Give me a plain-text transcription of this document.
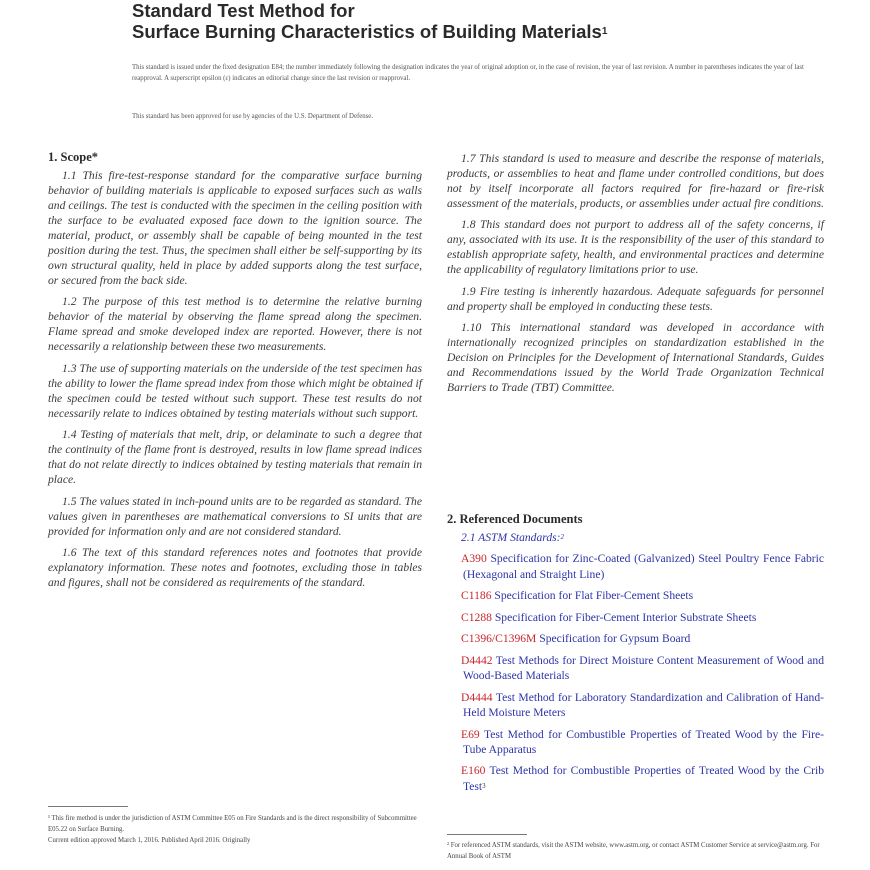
Standard Test Method for

Surface Burning Characteristics of Building Materials$^1$

This standard is issued under the fixed designation E84; the number immediately following the designation indicates the year of original adoption or, in the case of revision, the year of last revision. A number in parentheses indicates the year of last reapproval. A superscript epsilon (ε) indicates an editorial change since the last revision or reapproval.

This standard has been approved for use by agencies of the U.S. Department of Defense.

1. Scope*

1.1 This fire-test-response standard for the comparative surface burning behavior of building materials is applicable to exposed surfaces such as walls and ceilings. The test is conducted with the specimen in the ceiling position with the surface to be evaluated exposed face down to the ignition source. The material, product, or assembly shall be capable of being mounted in the test position during the test. Thus, the specimen shall either be self-supporting by its own structural quality, held in place by added supports along the test surface, or secured from the back side.

1.2 The purpose of this test method is to determine the relative burning behavior of the material by observing the flame spread along the specimen. Flame spread and smoke developed index are reported. However, there is not necessarily a relationship between these two measurements.

1.3 The use of supporting materials on the underside of the test specimen has the ability to lower the flame spread index from those which might be obtained if the specimen could be tested without such support. These test results do not necessarily relate to indices obtained by testing materials without such support.

1.4 Testing of materials that melt, drip, or delaminate to such a degree that the continuity of the flame front is destroyed, results in low flame spread indices that do not relate directly to indices obtained by testing materials that remain in place.

1.5 The values stated in inch-pound units are to be regarded as standard. The values given in parentheses are mathematical conversions to SI units that are provided for information only and are not considered standard.

1.6 The text of this standard references notes and footnotes that provide explanatory information. These notes and footnotes, excluding those in tables and figures, shall not be considered as requirements of the standard.

1.7 This standard is used to measure and describe the response of materials, products, or assemblies to heat and flame under controlled conditions, but does not by itself incorporate all factors required for fire-hazard or fire-risk assessment of the materials, products, or assemblies under actual fire conditions.

1.8 This standard does not purport to address all of the safety concerns, if any, associated with its use. It is the responsibility of the user of this standard to establish appropriate safety, health, and environmental practices and determine the applicability of regulatory limitations prior to use.

1.9 Fire testing is inherently hazardous. Adequate safeguards for personnel and property shall be employed in conducting these tests.

1.10 This international standard was developed in accordance with internationally recognized principles on standardization established in the Decision on Principles for the Development of International Standards, Guides and Recommendations issued by the World Trade Organization Technical Barriers to Trade (TBT) Committee.

2. Referenced Documents

2.1 ASTM Standards:$^2$

A390 Specification for Zinc-Coated (Galvanized) Steel Poultry Fence Fabric (Hexagonal and Straight Line)

C1186 Specification for Flat Fiber-Cement Sheets

C1288 Specification for Fiber-Cement Interior Substrate Sheets

C1396/C1396M Specification for Gypsum Board

D4442 Test Methods for Direct Moisture Content Measurement of Wood and Wood-Based Materials

D4444 Test Method for Laboratory Standardization and Calibration of Hand-Held Moisture Meters

E69 Test Method for Combustible Properties of Treated Wood by the Fire-Tube Apparatus

E160 Test Method for Combustible Properties of Treated Wood by the Crib Test$^3$

¹ This fire method is under the jurisdiction of ASTM Committee E05 on Fire Standards and is the direct responsibility of Subcommittee E05.22 on Surface Burning.
Current edition approved March 1, 2016. Published April 2016. Originally
² For referenced ASTM standards, visit the ASTM website, www.astm.org, or contact ASTM Customer Service at service@astm.org. For Annual Book of ASTM
